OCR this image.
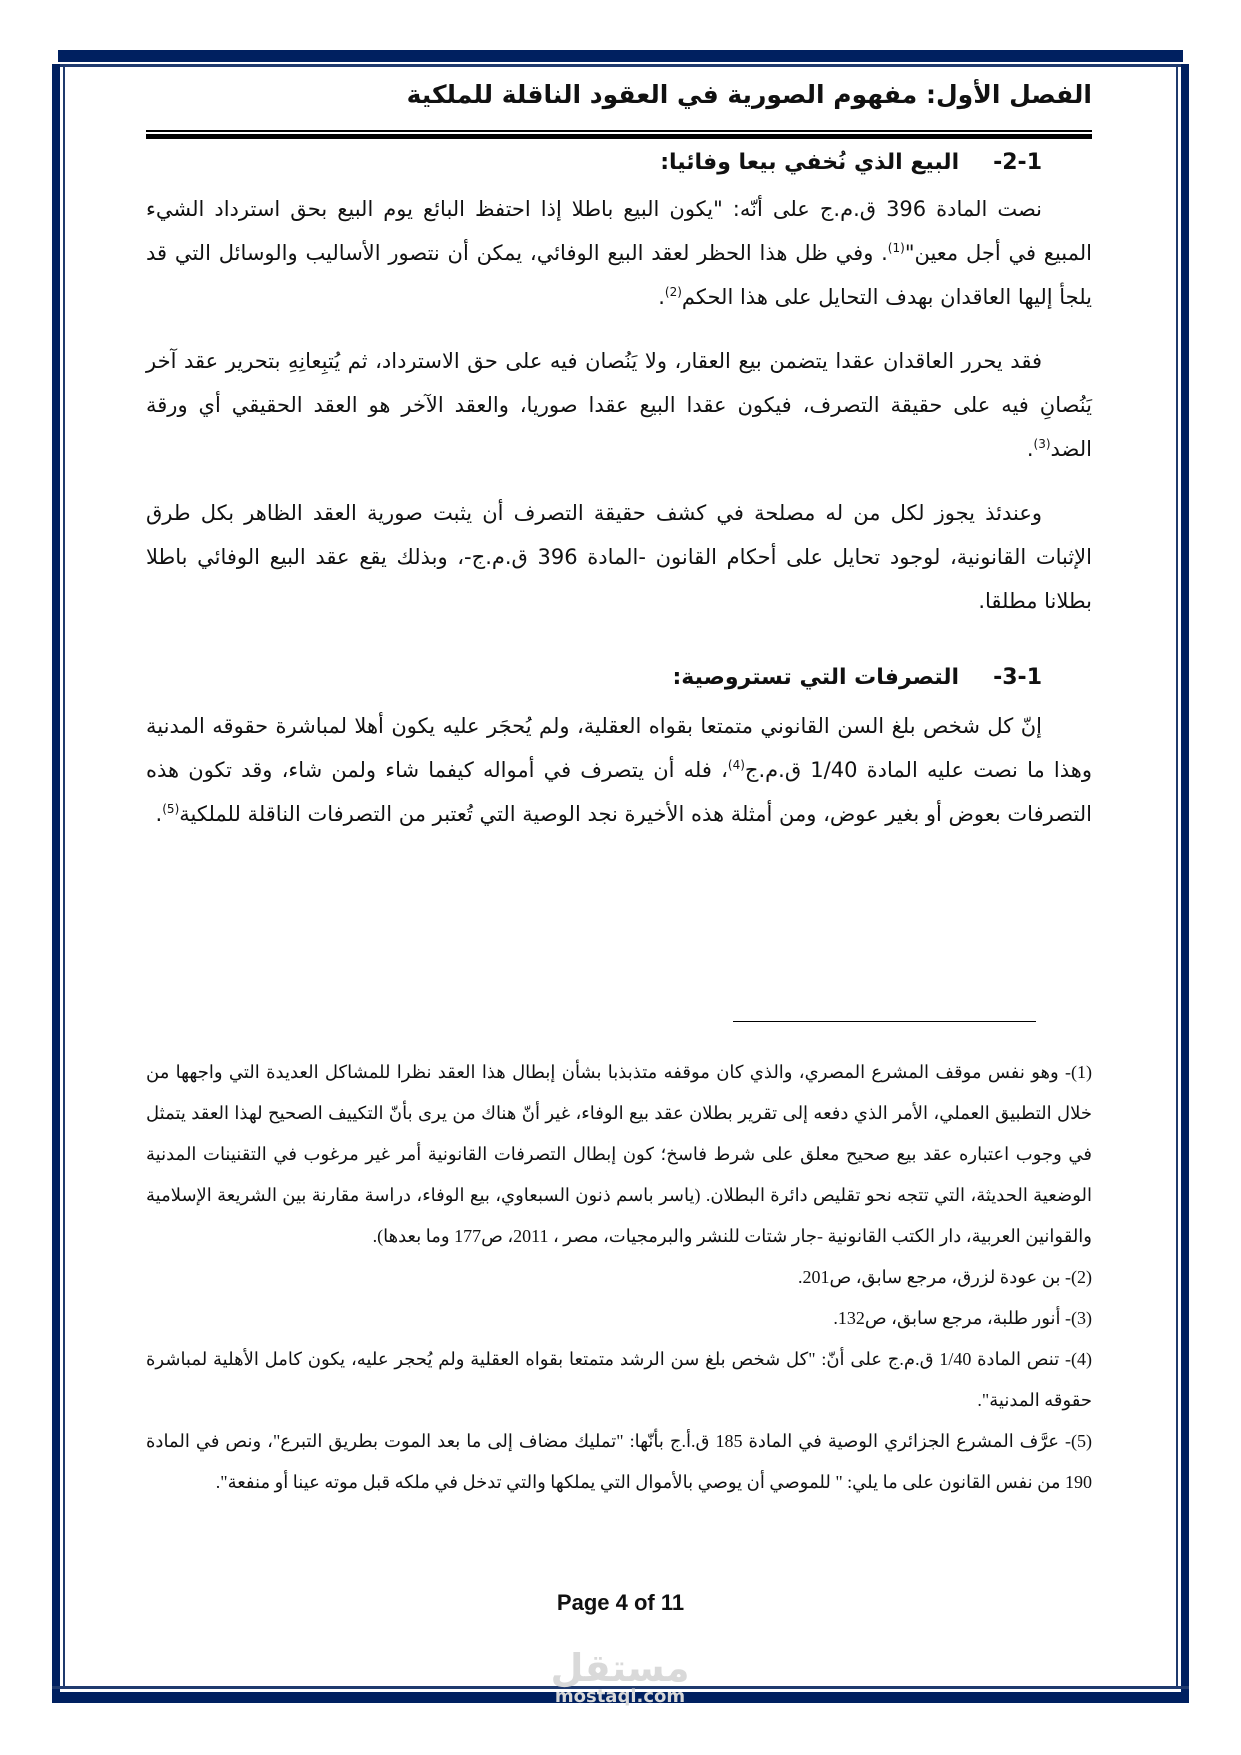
الفصل الأول: مفهوم الصورية في العقود الناقلة للملكية
2-1-البيع الذي نُخفي بيعا وفائيا:

نصت المادة 396 ق.م.ج على أنّه: "يكون البيع باطلا إذا احتفظ البائع يوم البيع بحق استرداد الشيء المبيع في أجل معين"$^{(1)}$. وفي ظل هذا الحظر لعقد البيع الوفائي، يمكن أن نتصور الأساليب والوسائل التي قد يلجأ إليها العاقدان بهدف التحايل على هذا الحكم$^{(2)}$.

فقد يحرر العاقدان عقدا يتضمن بيع العقار، ولا يَنُصان فيه على حق الاسترداد، ثم يُتبِعانِهِ بتحرير عقد آخر يَنُصانِ فيه على حقيقة التصرف، فيكون عقدا البيع عقدا صوريا، والعقد الآخر هو العقد الحقيقي أي ورقة الضد$^{(3)}$.

وعندئذ يجوز لكل من له مصلحة في كشف حقيقة التصرف أن يثبت صورية العقد الظاهر بكل طرق الإثبات القانونية، لوجود تحايل على أحكام القانون -المادة 396 ق.م.ج-، وبذلك يقع عقد البيع الوفائي باطلا بطلانا مطلقا.

3-1-التصرفات التي تستروصية:

إنّ كل شخص بلغ السن القانوني متمتعا بقواه العقلية، ولم يُحجَر عليه يكون أهلا لمباشرة حقوقه المدنية وهذا ما نصت عليه المادة 1/40 ق.م.ج$^{(4)}$، فله أن يتصرف في أمواله كيفما شاء ولمن شاء، وقد تكون هذه التصرفات بعوض أو بغير عوض، ومن أمثلة هذه الأخيرة نجد الوصية التي تُعتبر من التصرفات الناقلة للملكية$^{(5)}$.

(1)- وهو نفس موقف المشرع المصري، والذي كان موقفه متذبذبا بشأن إبطال هذا العقد نظرا للمشاكل العديدة التي واجهها من خلال التطبيق العملي، الأمر الذي دفعه إلى تقرير بطلان عقد بيع الوفاء، غير أنّ هناك من يرى بأنّ التكييف الصحيح لهذا العقد يتمثل في وجوب اعتباره عقد بيع صحيح معلق على شرط فاسخ؛ كون إبطال التصرفات القانونية أمر غير مرغوب في التقنينات المدنية الوضعية الحديثة، التي تتجه نحو تقليص دائرة البطلان. (ياسر باسم ذنون السبعاوي، بيع الوفاء، دراسة مقارنة بين الشريعة الإسلامية والقوانين العربية، دار الكتب القانونية -جار شتات للنشر والبرمجيات، مصر ، 2011، ص177 وما بعدها).

(2)- بن عودة لزرق، مرجع سابق، ص201.

(3)- أنور طلبة، مرجع سابق، ص132.

(4)- تنص المادة 1/40 ق.م.ج على أنّ: "كل شخص بلغ سن الرشد متمتعا بقواه العقلية ولم يُحجر عليه، يكون كامل الأهلية لمباشرة حقوقه المدنية".

(5)- عرَّف المشرع الجزائري الوصية في المادة 185 ق.أ.ج بأنّها: "تمليك مضاف إلى ما بعد الموت بطريق التبرع"، ونص في المادة 190 من نفس القانون على ما يلي: " للموصي أن يوصي بالأموال التي يملكها والتي تدخل في ملكه قبل موته عينا أو منفعة".

Page 4 of 11
مستقل
mostaql.com
